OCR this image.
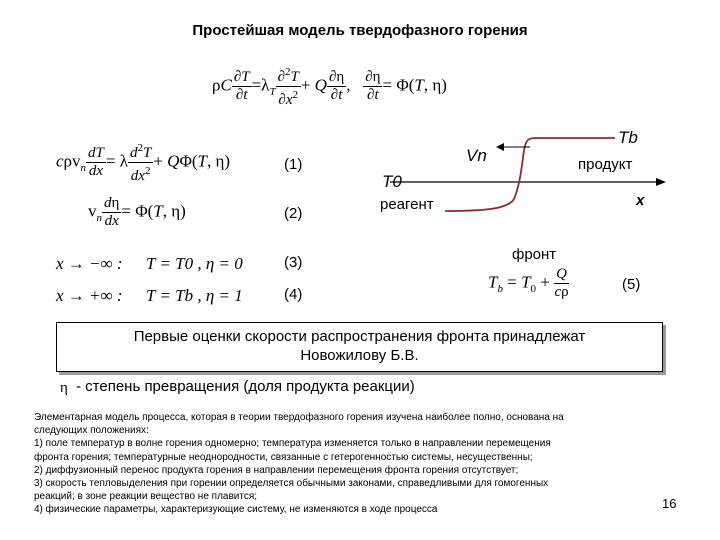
Простейшая модель твердофазного горения
ρC $\frac{\partial T}{\partial t} =\lambda_T \frac{\partial^2T}{\partial x^2} + Q \frac{\partial\eta}{\partial t}$ , $\frac{\partial\eta}{\partial t} = \Phi(T$, η)
$c\rho v_n \frac{dT}{dx} = \lambda \frac{d^2T}{dx^2} + Q\Phi(T$, η)	(1)
$v_n \frac{d\eta}{dx} = \Phi(T$, η)	(2)
x → −∞ : T = T0 , η = 0	(3)
x → +∞ : T = Tb , η = 1	(4)
Tb
Vn	продукт
T0
реагент	x
фронт
$T_b = T_0 + \frac{Q}{c\rho}$	(5)
Первые оценки скорости распространения фронта принадлежат
Новожилову Б.В.
η - степень превращения (доля продукта реакции)
Элементарная модель процесса, которая в теории твердофазного горения изучена наиболее полно, основана на
следующих положениях:
1) поле температур в волне горения одномерно; температура изменяется только в направлении перемещения
фронта горения; температурные неоднородности, связанные с гетерогенностью системы, несущественны;
2) диффузионный перенос продукта горения в направлении перемещения фронта горения отсутствует;
3) скорость тепловыделения при горении определяется обычными законами, справедливыми для гомогенных
реакций; в зоне реакции вещество не плавится;
4) физические параметры, характеризующие систему, не изменяются в ходе процесса	16
